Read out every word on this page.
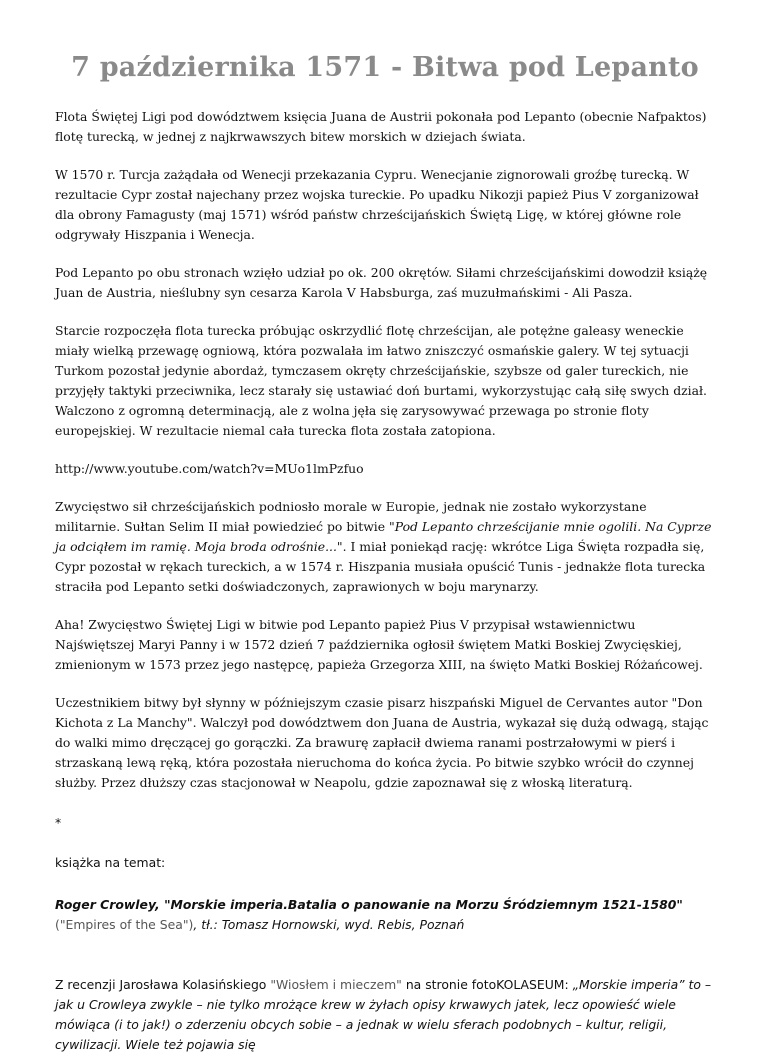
7 października 1571 - Bitwa pod Lepanto

Flota Świętej Ligi pod dowództwem księcia Juana de Austrii pokonała pod Lepanto (obecnie Nafpaktos) flotę turecką, w jednej z najkrwawszych bitew morskich w dziejach świata.

W 1570 r. Turcja zażądała od Wenecji przekazania Cypru. Wenecjanie zignorowali groźbę turecką. W rezultacie Cypr został najechany przez wojska tureckie. Po upadku Nikozji papież Pius V zorganizował dla obrony Famagusty (maj 1571) wśród państw chrześcijańskich Świętą Ligę, w której główne role odgrywały Hiszpania i Wenecja.

Pod Lepanto po obu stronach wzięło udział po ok. 200 okrętów. Siłami chrześcijańskimi dowodził książę Juan de Austria, nieślubny syn cesarza Karola V Habsburga, zaś muzułmańskimi - Ali Pasza.

Starcie rozpoczęła flota turecka próbując oskrzydlić flotę chrześcijan, ale potężne galeasy weneckie miały wielką przewagę ogniową, która pozwalała im łatwo zniszczyć osmańskie galery. W tej sytuacji Turkom pozostał jedynie abordaż, tymczasem okręty chrześcijańskie, szybsze od galer tureckich, nie przyjęły taktyki przeciwnika, lecz starały się ustawiać doń burtami, wykorzystując całą siłę swych dział. Walczono z ogromną determinacją, ale z wolna jęła się zarysowywać przewaga po stronie floty europejskiej. W rezultacie niemal cała turecka flota została zatopiona.

http://www.youtube.com/watch?v=MUo1lmPzfuo

Zwycięstwo sił chrześcijańskich podniosło morale w Europie, jednak nie zostało wykorzystane militarnie. Sułtan Selim II miał powiedzieć po bitwie "Pod Lepanto chrześcijanie mnie ogolili. Na Cyprze ja odciąłem im ramię. Moja broda odrośnie...". I miał poniekąd rację: wkrótce Liga Święta rozpadła się, Cypr pozostał w rękach tureckich, a w 1574 r. Hiszpania musiała opuścić Tunis - jednakże flota turecka straciła pod Lepanto setki doświadczonych, zaprawionych w boju marynarzy.

Aha! Zwycięstwo Świętej Ligi w bitwie pod Lepanto papież Pius V przypisał wstawiennictwu Najświętszej Maryi Panny i w 1572 dzień 7 października ogłosił świętem Matki Boskiej Zwycięskiej, zmienionym w 1573 przez jego następcę, papieża Grzegorza XIII, na święto Matki Boskiej Różańcowej.

Uczestnikiem bitwy był słynny w późniejszym czasie pisarz hiszpański Miguel de Cervantes autor "Don Kichota z La Manchy". Walczył pod dowództwem don Juana de Austria, wykazał się dużą odwagą, stając do walki mimo dręczącej go gorączki. Za brawurę zapłacił dwiema ranami postrzałowymi w pierś i strzaskaną lewą ręką, która pozostała nieruchoma do końca życia. Po bitwie szybko wrócił do czynnej służby. Przez dłuższy czas stacjonował w Neapolu, gdzie zapoznawał się z włoską literaturą.

*

książka na temat:

Roger Crowley, "Morskie imperia.Batalia o panowanie na Morzu Śródziemnym 1521-1580" ("Empires of the Sea"), tł.: Tomasz Hornowski, wyd. Rebis, Poznań

Z recenzji Jarosława Kolasińskiego "Wiosłem i mieczem" na stronie fotoKOLASEUM: „Morskie imperia” to – jak u Crowleya zwykle – nie tylko mrożące krew w żyłach opisy krwawych jatek, lecz opowieść wiele mówiąca (i to jak!) o zderzeniu obcych sobie – a jednak w wielu sferach podobnych – kultur, religii, cywilizacji. Wiele też pojawia się
